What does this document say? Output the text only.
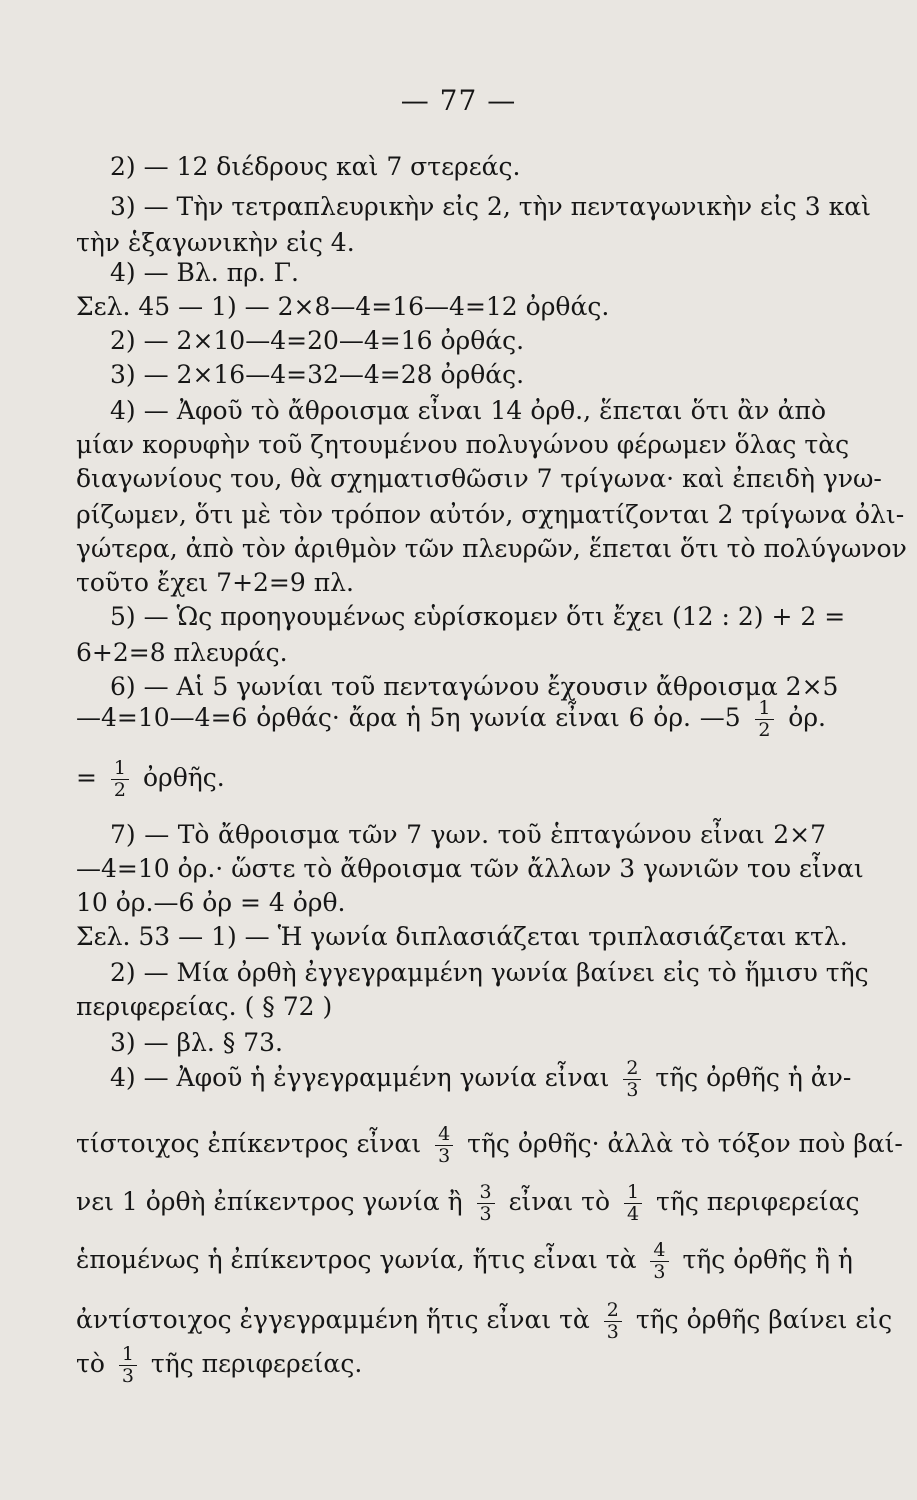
— 77 —
2) — 12 διέδρους καὶ 7 στερεάς.
3) — Τὴν τετραπλευρικὴν εἰς 2, τὴν πενταγωνικὴν εἰς 3 καὶ
τὴν ἑξαγωνικὴν εἰς 4.
4) — Βλ. πρ. Γ.
Σελ. 45 — 1) — 2×8—4=16—4=12 ὀρθάς.
2) — 2×10—4=20—4=16 ὀρθάς.
3) — 2×16—4=32—4=28 ὀρθάς.
4) — Ἀφοῦ τὸ ἄθροισμα εἶναι 14 ὀρθ., ἕπεται ὅτι ἂν ἀπὸ
μίαν κορυφὴν τοῦ ζητουμένου πολυγώνου φέρωμεν ὅλας τὰς
διαγωνίους του, θὰ σχηματισθῶσιν 7 τρίγωνα· καὶ ἐπειδὴ γνω-
ρίζωμεν, ὅτι μὲ τὸν τρόπον αὐτόν, σχηματίζονται 2 τρίγωνα ὀλι-
γώτερα, ἀπὸ τὸν ἀριθμὸν τῶν πλευρῶν, ἕπεται ὅτι τὸ πολύγωνον
τοῦτο ἔχει 7+2=9 πλ.
5) — Ὡς προηγουμένως εὑρίσκομεν ὅτι ἔχει (12 : 2) + 2 =
6+2=8 πλευράς.
6) — Αἱ 5 γωνίαι τοῦ πενταγώνου ἔχουσιν ἄθροισμα 2×5
—4=10—4=6 ὀρθάς· ἄρα ἡ 5η γωνία εἶναι 6 ὀρ. —5 $\frac{1}{2}$ ὀρ.
= $\frac{1}{2}$ ὀρθῆς.
7) — Τὸ ἄθροισμα τῶν 7 γων. τοῦ ἑπταγώνου εἶναι 2×7
—4=10 ὀρ.· ὥστε τὸ ἄθροισμα τῶν ἄλλων 3 γωνιῶν του εἶναι
10 ὀρ.—6 ὀρ = 4 ὀρθ.
Σελ. 53 — 1) — Ἡ γωνία διπλασιάζεται τριπλασιάζεται κτλ.
2) — Μία ὀρθὴ ἐγγεγραμμένη γωνία βαίνει εἰς τὸ ἥμισυ τῆς
περιφερείας. ( § 72 )
3) — βλ. § 73.
4) — Ἀφοῦ ἡ ἐγγεγραμμένη γωνία εἶναι $\frac{2}{3}$ τῆς ὀρθῆς ἡ ἀν-
τίστοιχος ἐπίκεντρος εἶναι $\frac{4}{3}$ τῆς ὀρθῆς· ἀλλὰ τὸ τόξον ποὺ βαί-
νει 1 ὀρθὴ ἐπίκεντρος γωνία ἢ $\frac{3}{3}$ εἶναι τὸ $\frac{1}{4}$ τῆς περιφερείας
ἑπομένως ἡ ἐπίκεντρος γωνία, ἥτις εἶναι τὰ $\frac{4}{3}$ τῆς ὀρθῆς ἢ ἡ
ἀντίστοιχος ἐγγεγραμμένη ἥτις εἶναι τὰ $\frac{2}{3}$ τῆς ὀρθῆς βαίνει εἰς
τὸ $\frac{1}{3}$ τῆς περιφερείας.
